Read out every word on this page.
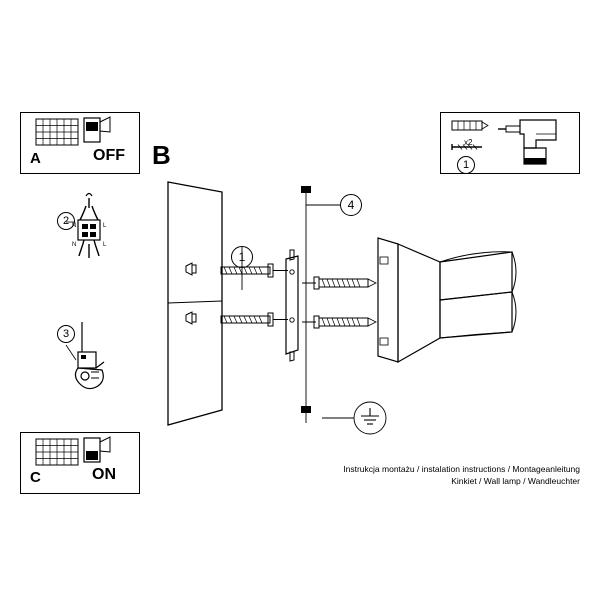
B
A
C
OFF
ON
2
3
1
4
1
x2
Instrukcja montażu / instalation instructions / Montageanleitung
Kinkiet / Wall lamp / Wandleuchter
N	L
N	L
